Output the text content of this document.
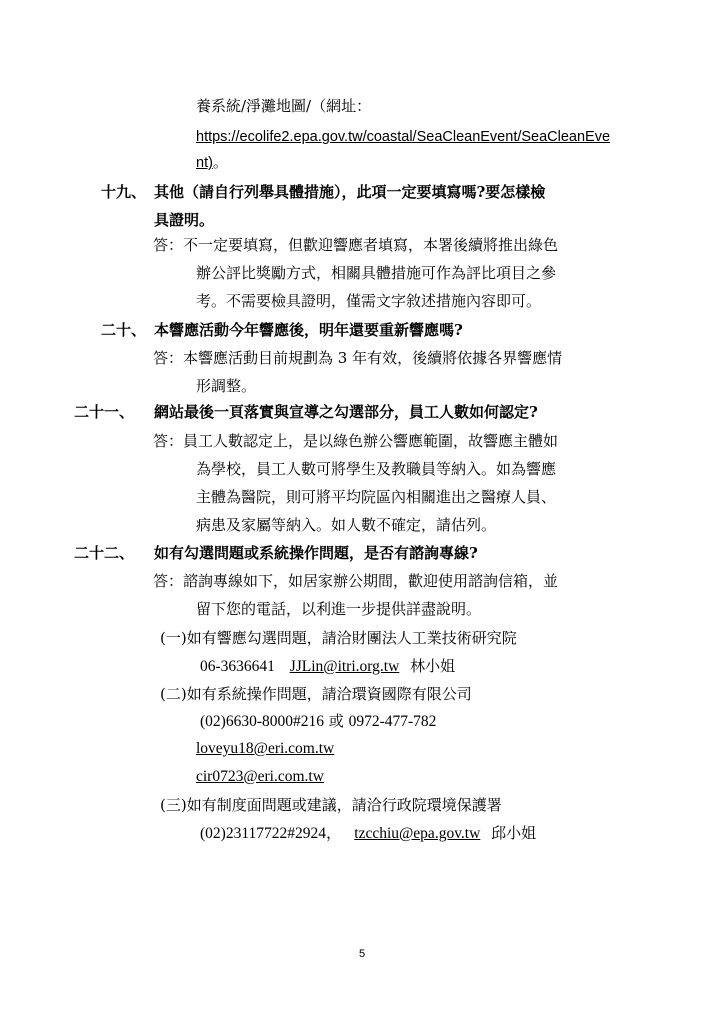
養系統/淨灘地圖/（網址：
https://ecolife2.epa.gov.tw/coastal/SeaCleanEvent/SeaCleanEve
nt)。
十九、 其他（請自行列舉具體措施），此項一定要填寫嗎?要怎樣檢
具證明。
答：不一定要填寫，但歡迎響應者填寫，本署後續將推出綠色
辦公評比獎勵方式，相關具體措施可作為評比項目之參
考。不需要檢具證明，僅需文字敘述措施內容即可。
二十、 本響應活動今年響應後，明年還要重新響應嗎?
答：本響應活動目前規劃為 3 年有效，後續將依據各界響應情
形調整。
二十一、 網站最後一頁落實與宣導之勾選部分，員工人數如何認定?
答：員工人數認定上，是以綠色辦公響應範圍，故響應主體如
為學校，員工人數可將學生及教職員等納入。如為響應
主體為醫院，則可將平均院區內相關進出之醫療人員、
病患及家屬等納入。如人數不確定，請估列。
二十二、 如有勾選問題或系統操作問題，是否有諮詢專線?
答：諮詢專線如下，如居家辦公期間，歡迎使用諮詢信箱，並
留下您的電話，以利進一步提供詳盡說明。
(一)如有響應勾選問題，請洽財團法人工業技術研究院
06-3636641 JJLin@itri.org.tw 林小姐
(二)如有系統操作問題，請洽環資國際有限公司
(02)6630-8000#216 或 0972-477-782
loveyu18@eri.com.tw
cir0723@eri.com.tw
(三)如有制度面問題或建議，請洽行政院環境保護署
(02)23117722#2924， tzcchiu@epa.gov.tw 邱小姐
5
